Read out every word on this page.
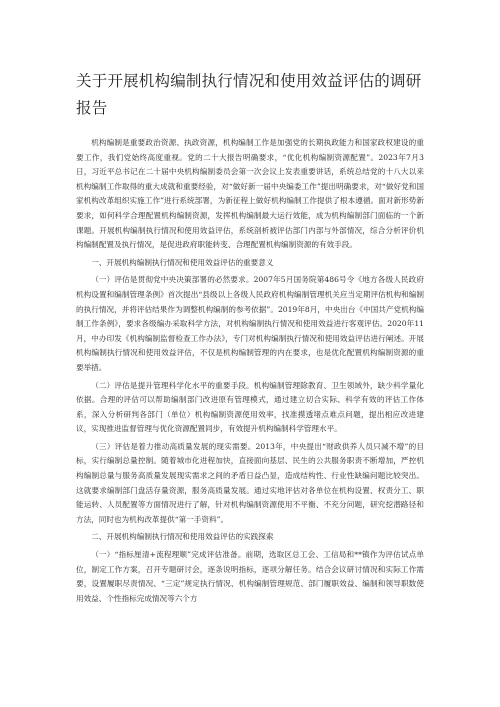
关于开展机构编制执行情况和使用效益评估的调研报告

机构编制是重要政治资源、执政资源，机构编制工作是加强党的长期执政能力和国家政权建设的重要工作，我们党始终高度重视。党的二十大报告明确要求，“优化机构编制资源配置”。2023年7月3日，习近平总书记在二十届中央机构编制委员会第一次会议上发表重要讲话，系统总结党的十八大以来机构编制工作取得的重大成就和重要经验，对“做好新一届中央编委工作”提出明确要求，对“做好党和国家机构改革组织实施工作”进行系统部署，为新征程上做好机构编制工作提供了根本遵循。面对新形势新要求，如何科学合理配置机构编制资源，发挥机构编制最大运行效能，成为机构编制部门面临的一个新课题。开展机构编制执行情况和使用效益评估，系统剖析被评估部门内部与外部情况，综合分析评价机构编制配置及执行情况，是促进政府职能转变、合理配置机构编制资源的有效手段。

一、开展机构编制执行情况和使用效益评估的重要意义

（一）评估是贯彻党中央决策部署的必然要求。2007年5月国务院第486号令《地方各级人民政府机构设置和编制管理条例》首次提出“县级以上各级人民政府机构编制管理机关应当定期评估机构和编制的执行情况，并将评估结果作为调整机构编制的参考依据”。2019年8月，中央出台《中国共产党机构编制工作条例》，要求各级编办采取科学方法，对机构编制执行情况和使用效益进行客观评估。2020年11月，中办印发《机构编制监督检查工作办法》，专门对机构编制执行情况和使用效益评估进行阐述。开展机构编制执行情况和使用效益评估，不仅是机构编制管理的内在要求，也是优化配置机构编制资源的重要举措。

（二）评估是提升管理科学化水平的重要手段。机构编制管理除教育、卫生领域外，缺少科学量化依据。合理的评估可以帮助编制部门改进原有管理模式，通过建立切合实际、科学有效的评估工作体系，深入分析研判各部门（单位）机构编制资源使用效率，找准摸透堵点难点问题，提出相应改进建议，实现推进监督管理与优化资源配置同步，有效提升机构编制科学管理水平。

（三）评估是着力推动高质量发展的现实需要。2013年，中央提出“财政供养人员只减不增”的目标，实行编制总量控制。随着城市化进程加快，直接面向基层、民生的公共服务职责不断增加，严控机构编制总量与服务高质量发展现实需求之间的矛盾日益凸显，造成结构性、行业性缺编问题比较突出。这就要求编制部门盘活存量资源，服务高质量发展。通过实地评估对各单位在机构设置、权责分工、职能运转、人员配置等方面情况进行了解，针对机构编制资源使用不平衡、不充分问题，研究挖潜路径和方法，同时也为机构改革提供“第一手资料”。

二、开展机构编制执行情况和使用效益评估的实践探索

（一）“指标厘清+流程理顺”完成评估准备。前期，选取区总工会、工信局和**镇作为评估试点单位，制定工作方案，召开专题研讨会，逐条说明指标，逐项分解任务。结合会议研讨情况和实际工作需要，设置履职尽责情况、“三定”规定执行情况、机构编制管理规范、部门履职效益、编制和领导职数使用效益、个性指标完成情况等六个方
